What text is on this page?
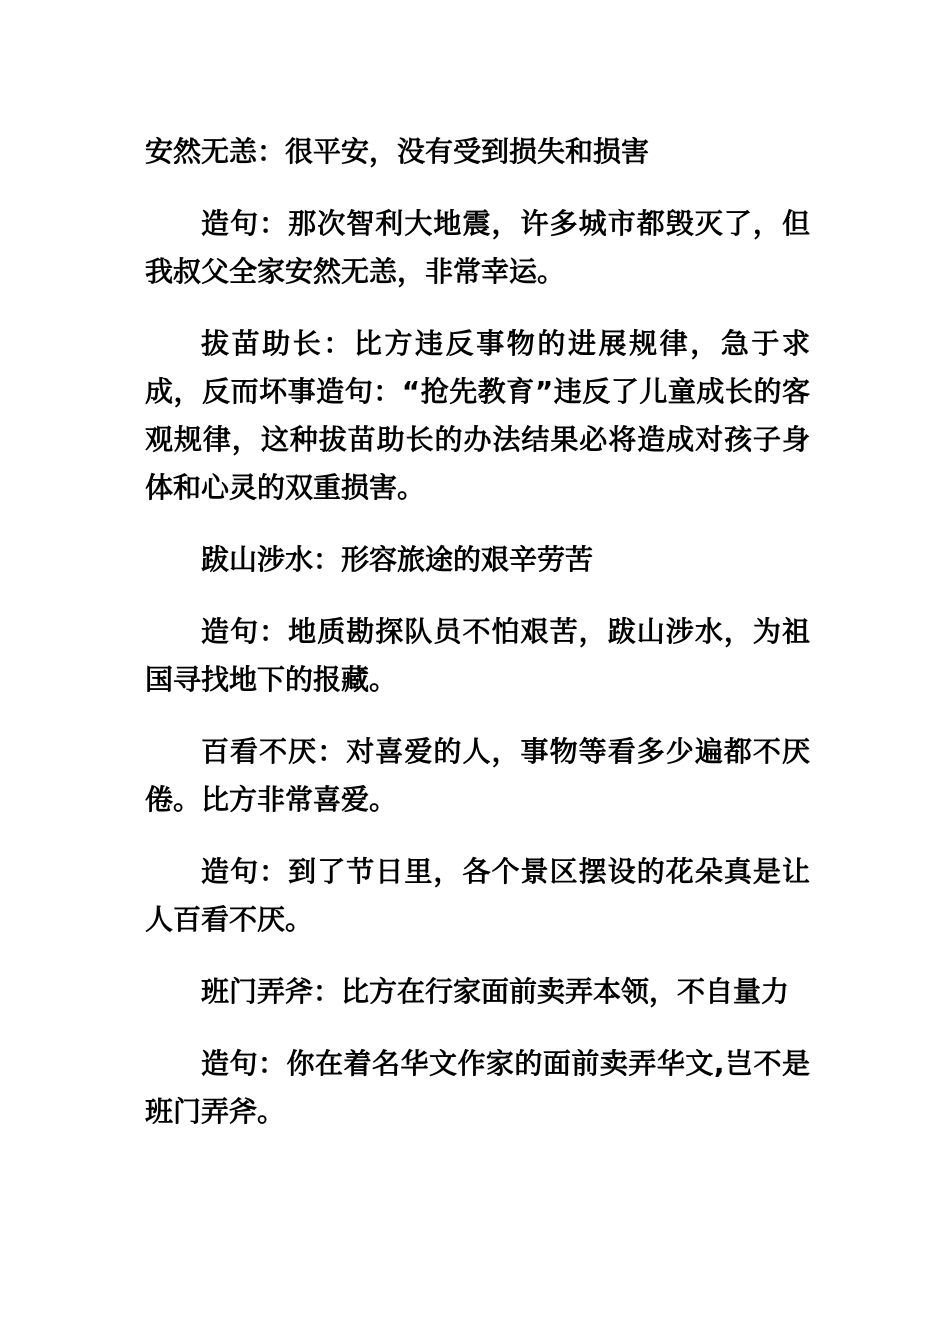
安然无恙：很平安，没有受到损失和损害

造句：那次智利大地震，许多城市都毁灭了，但我叔父全家安然无恙，非常幸运。

拔苗助长：比方违反事物的进展规律，急于求成，反而坏事造句：“抢先教育”违反了儿童成长的客观规律，这种拔苗助长的办法结果必将造成对孩子身体和心灵的双重损害。

跋山涉水：形容旅途的艰辛劳苦

造句：地质勘探队员不怕艰苦，跋山涉水，为祖国寻找地下的报藏。

百看不厌：对喜爱的人，事物等看多少遍都不厌倦。比方非常喜爱。

造句：到了节日里，各个景区摆设的花朵真是让人百看不厌。

班门弄斧：比方在行家面前卖弄本领，不自量力

造句：你在着名华文作家的面前卖弄华文,岂不是班门弄斧。
